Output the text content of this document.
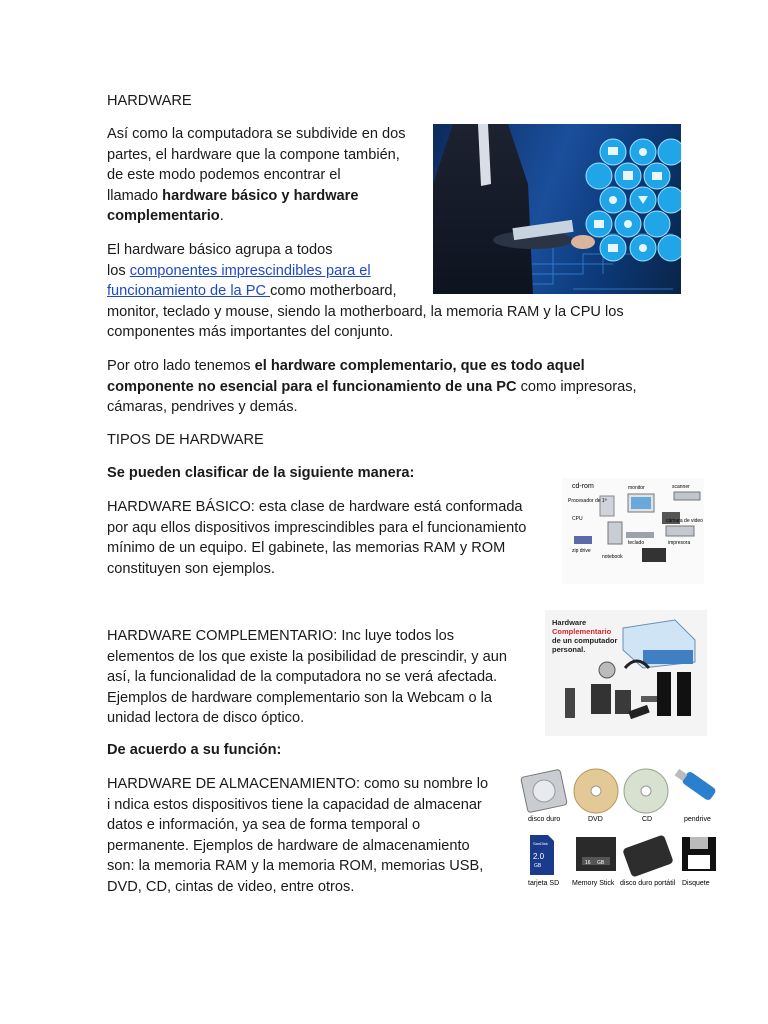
HARDWARE

Así como la computadora se subdivide en dos
partes, el hardware que la compone también,
de este modo podemos encontrar el
llamado hardware básico y hardware
complementario.

El hardware básico agrupa a todos
los componentes imprescindibles para el
funcionamiento de la PC como motherboard,
monitor, teclado y mouse, siendo la motherboard, la memoria RAM y la CPU los
componentes más importantes del conjunto.

Por otro lado tenemos el hardware complementario, que es todo aquel
componente no esencial para el funcionamiento de una PC como impresoras,
cámaras, pendrives y demás.

TIPOS DE HARDWARE

Se pueden clasificar de la siguiente manera:

HARDWARE BÁSICO: esta clase de hardware está conformada
por aqu ellos dispositivos imprescindibles para el funcionamiento
mínimo de un equipo. El gabinete, las memorias RAM y ROM
constituyen son ejemplos.

cd-rom	monitor	scanner
Procesador de 1ª
CPU
teclado
cámara de video
zip drive
notebook
impresora

HARDWARE COMPLEMENTARIO: Inc luye todos los
elementos de los que existe la posibilidad de prescindir, y aun
así, la funcionalidad de la computadora no se verá afectada.
Ejemplos de hardware complementario son la Webcam o la
unidad lectora de disco óptico.

Hardware
Complementario
de un computador
personal.

De acuerdo a su función:

HARDWARE DE ALMACENAMIENTO: como su nombre lo
i ndica estos dispositivos tiene la capacidad de almacenar
datos e información, ya sea de forma temporal o
permanente. Ejemplos de hardware de almacenamiento
son: la memoria RAM y la memoria ROM, memorias USB,
DVD, CD, cintas de video, entre otros.

disco duro	DVD	CD	pendrive
SanDisk
2.0
GB	16 GB
tarjeta SD Memory Stick disco duro portátil Disquete
